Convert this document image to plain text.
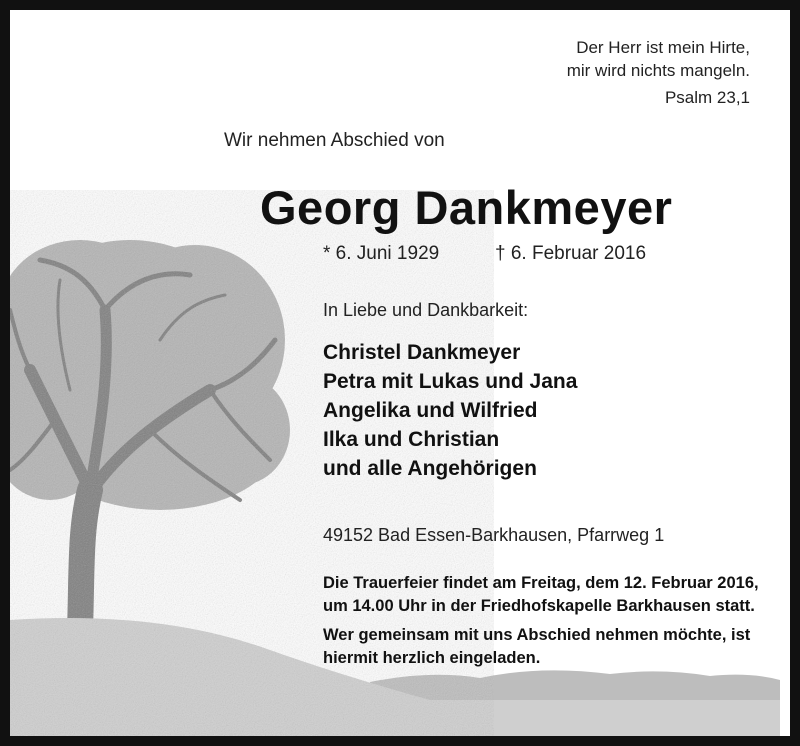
Der Herr ist mein Hirte,
mir wird nichts mangeln.
Psalm 23,1
Wir nehmen Abschied von
Georg Dankmeyer
* 6. Juni 1929	† 6. Februar 2016
In Liebe und Dankbarkeit:
Christel Dankmeyer
Petra mit Lukas und Jana
Angelika und Wilfried
Ilka und Christian
und alle Angehörigen
49152 Bad Essen-Barkhausen, Pfarrweg 1

Die Trauerfeier findet am Freitag, dem 12. Februar 2016,
um 14.00 Uhr in der Friedhofskapelle Barkhausen statt.

Wer gemeinsam mit uns Abschied nehmen möchte, ist
hiermit herzlich eingeladen.
